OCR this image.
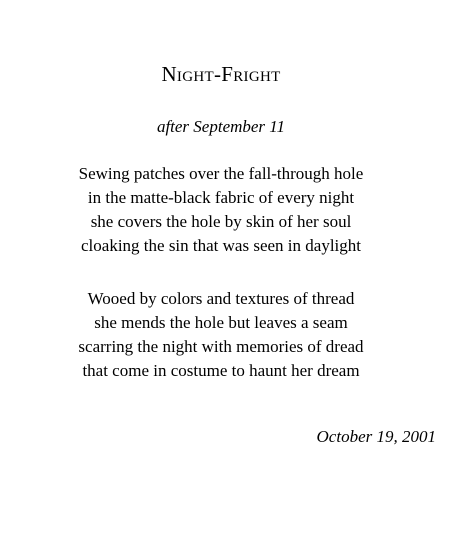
Night-Fright
after September 11
Sewing patches over the fall-through hole
in the matte-black fabric of every night
she covers the hole by skin of her soul
cloaking the sin that was seen in daylight
Wooed by colors and textures of thread
she mends the hole but leaves a seam
scarring the night with memories of dread
that come in costume to haunt her dream
October 19, 2001
